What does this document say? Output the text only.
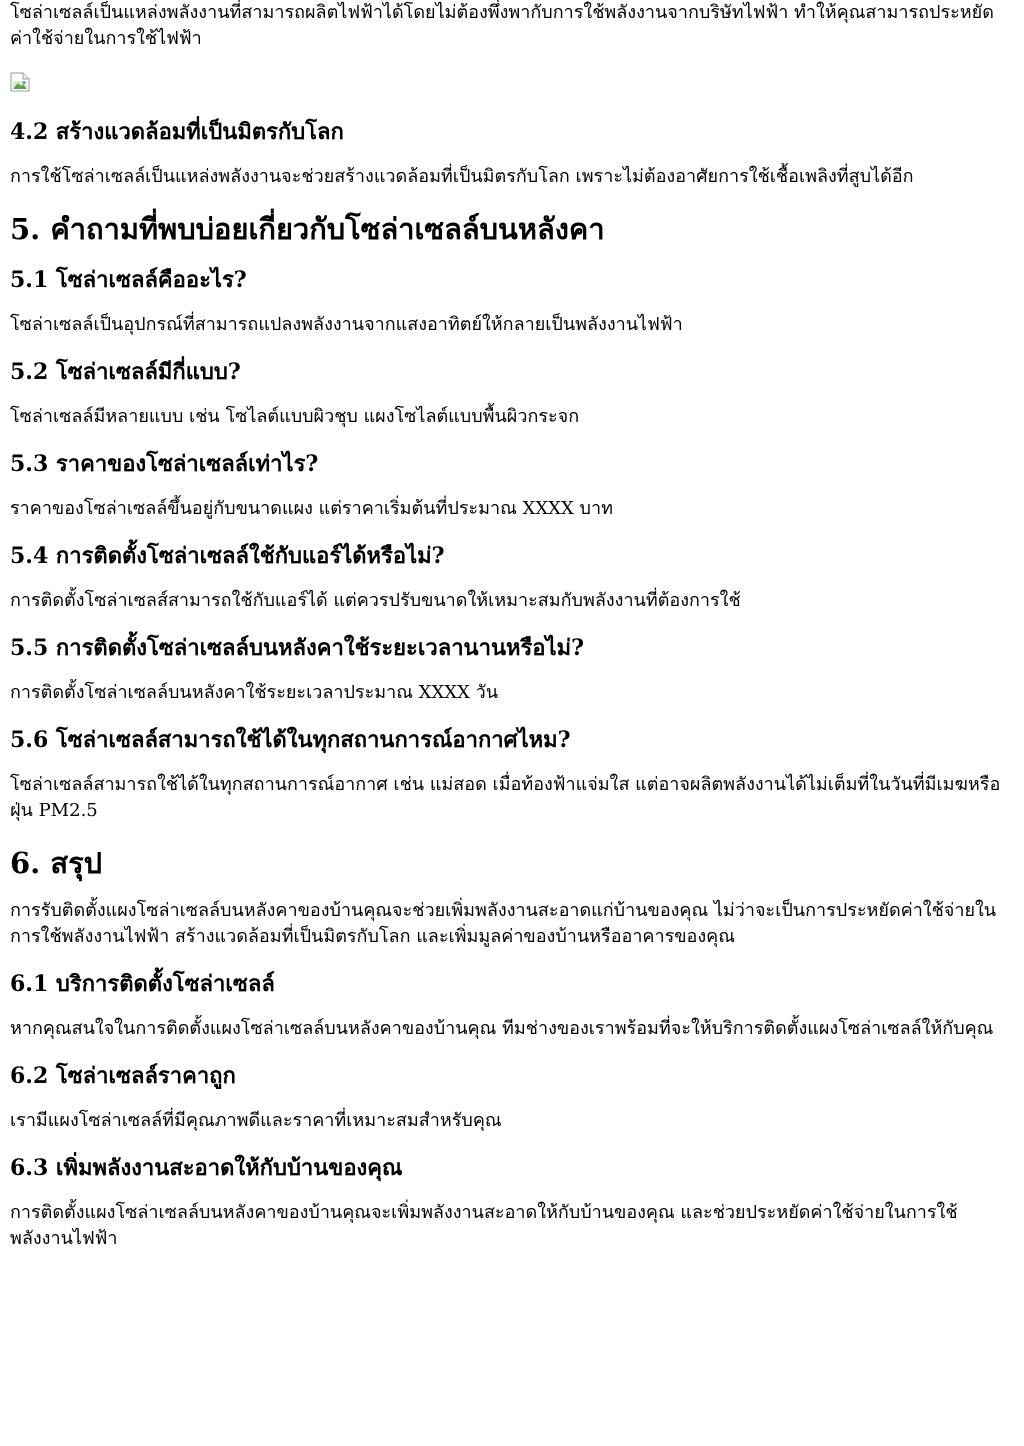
โซล่าเซลล์เป็นแหล่งพลังงานที่สามารถผลิตไฟฟ้าได้โดยไม่ต้องพึ่งพากับการใช้พลังงานจากบริษัทไฟฟ้า ทำให้คุณสามารถประหยัดค่าใช้จ่ายในการใช้ไฟฟ้า

4.2 สร้างแวดล้อมที่เป็นมิตรกับโลก

การใช้โซล่าเซลล์เป็นแหล่งพลังงานจะช่วยสร้างแวดล้อมที่เป็นมิตรกับโลก เพราะไม่ต้องอาศัยการใช้เชื้อเพลิงที่สูบได้อีก

5. คำถามที่พบบ่อยเกี่ยวกับโซล่าเซลล์บนหลังคา
5.1 โซล่าเซลล์คืออะไร?

โซล่าเซลล์เป็นอุปกรณ์ที่สามารถแปลงพลังงานจากแสงอาทิตย์ให้กลายเป็นพลังงานไฟฟ้า

5.2 โซล่าเซลล์มีกี่แบบ?

โซล่าเซลล์มีหลายแบบ เช่น โซไลต์แบบผิวชุบ แผงโซไลต์แบบพื้นผิวกระจก

5.3 ราคาของโซล่าเซลล์เท่าไร?

ราคาของโซล่าเซลล์ขึ้นอยู่กับขนาดแผง แต่ราคาเริ่มต้นที่ประมาณ XXXX บาท

5.4 การติดตั้งโซล่าเซลล์ใช้กับแอร์ได้หรือไม่?

การติดตั้งโซล่าเซลส์สามารถใช้กับแอร์ได้ แต่ควรปรับขนาดให้เหมาะสมกับพลังงานที่ต้องการใช้

5.5 การติดตั้งโซล่าเซลล์บนหลังคาใช้ระยะเวลานานหรือไม่?

การติดตั้งโซล่าเซลล์บนหลังคาใช้ระยะเวลาประมาณ XXXX วัน

5.6 โซล่าเซลล์สามารถใช้ได้ในทุกสถานการณ์อากาศไหม?

โซล่าเซลล์สามารถใช้ได้ในทุกสถานการณ์อากาศ เช่น แม่สอด เมื่อท้องฟ้าแจ่มใส แต่อาจผลิตพลังงานได้ไม่เต็มที่ในวันที่มีเมฆหรือฝุ่น PM2.5

6. สรุป

การรับติดตั้งแผงโซล่าเซลล์บนหลังคาของบ้านคุณจะช่วยเพิ่มพลังงานสะอาดแก่บ้านของคุณ ไม่ว่าจะเป็นการประหยัดค่าใช้จ่ายในการใช้พลังงานไฟฟ้า สร้างแวดล้อมที่เป็นมิตรกับโลก และเพิ่มมูลค่าของบ้านหรืออาคารของคุณ

6.1 บริการติดตั้งโซล่าเซลล์

หากคุณสนใจในการติดตั้งแผงโซล่าเซลล์บนหลังคาของบ้านคุณ ทีมช่างของเราพร้อมที่จะให้บริการติดตั้งแผงโซล่าเซลล์ให้กับคุณ

6.2 โซล่าเซลล์ราคาถูก

เรามีแผงโซล่าเซลล์ที่มีคุณภาพดีและราคาที่เหมาะสมสำหรับคุณ

6.3 เพิ่มพลังงานสะอาดให้กับบ้านของคุณ

การติดตั้งแผงโซล่าเซลล์บนหลังคาของบ้านคุณจะเพิ่มพลังงานสะอาดให้กับบ้านของคุณ และช่วยประหยัดค่าใช้จ่ายในการใช้พลังงานไฟฟ้า
